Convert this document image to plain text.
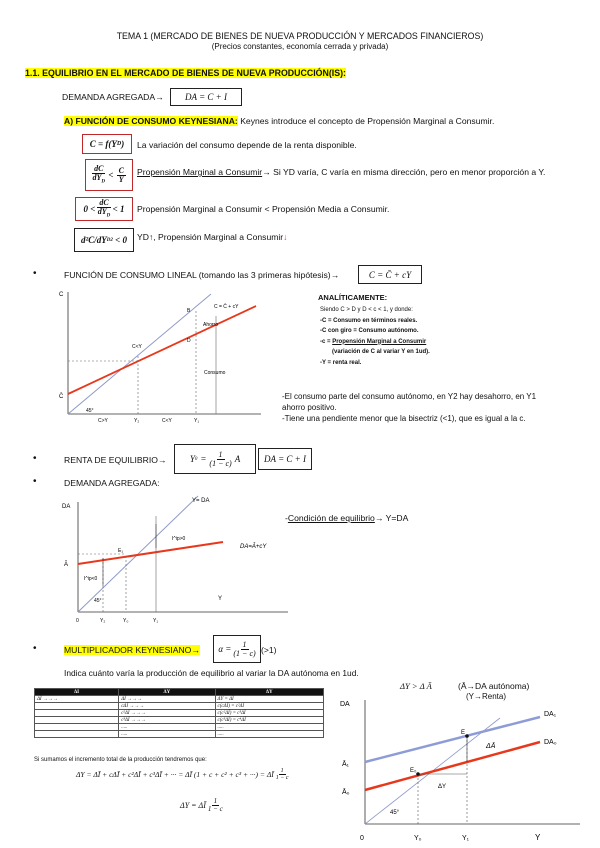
TEMA 1 (MERCADO DE BIENES DE NUEVA PRODUCCIÓN Y MERCADOS FINANCIEROS)
(Precios constantes, economía cerrada y privada)
1.1. EQUILIBRIO EN EL MERCADO DE BIENES DE NUEVA PRODUCCIÓN(IS):
DEMANDA AGREGADA→	DA = C + I
A) FUNCIÓN DE CONSUMO KEYNESIANA: Keynes introduce el concepto de Propensión Marginal a Consumir.
C = f(Y D ) La variación del consumo depende de la renta disponible.
$\frac{dC}{dY_D} < \frac{C}{Y}$ Propensión Marginal a Consumir→ Si YD varía, C varía en misma dirección, pero en menor proporción a Y.
$0 < \frac{dC}{dY_D} < 1$ Propensión Marginal a Consumir < Propensión Media a Consumir.
d²C / dY D 2
< 0 YD↑, Propensión Marginal a Consumir↓
•	FUNCIÓN DE CONSUMO LINEAL (tomando las 3 primeras hipótesis)→	C = C̄ + cY
C
C = C̄ + cY
Ahorro
Consumo
C<Y
B
D
C̄
45°
C>Y	Y₂	C<Y	Y₁
ANALÍTICAMENTE:
Siendo C > D y D < c < 1, y donde:
-C = Consumo en términos reales.
-C con giro = Consumo autónomo.
-c = Propensión Marginal a Consumir
(variación de C al variar Y en 1ud).
-Y = renta real.
-El consumo parte del consumo autónomo, en Y2 hay desahorro, en Y1
ahorro positivo.
-Tiene una pendiente menor que la bisectriz (<1), que es igual a la c.
•	RENTA DE EQUILIBRIO→	Y $0 = \frac{1}{(1 - c)}$ A	DA = C + I
•	DEMANDA AGREGADA:
-Condición de equilibrio→ Y=DA
DA
Y
Y= DA
DA=Ā+cY
Ā
E₁
I^ip>0
I^ip<0
45°
0	Y₂	Y₀	Y₁
•	MULTIPLICADOR KEYNESIANO→ $\alpha = \frac{1}{(1 - c)} (>1)$
Indica cuánto varía la producción de equilibrio al variar la DA autónoma en 1ud.
ΔI	ΔY	ΔY
ΔĪ →→→	ΔĪ →→→	ΔY = ΔĪ
	cΔĪ →→→	c(cΔĪ) = c²ΔĪ
	c²ΔĪ →→→	c(c²ΔĪ) = c³ΔĪ
	c³ΔĪ →→→	c(c³ΔĪ) = c⁴ΔĪ
	.....	.....
	.....	.....
Si sumamos el incremento total de la producción tendremos que:
ΔY = ΔĪ + cΔĪ + c²ΔĪ + c³ΔĪ + ··· = ΔĪ (1 + c + c² + c³ + ···) = ΔĪ $\frac{1}{1 - c}$
ΔY = ΔĪ $\frac{1}{1 - c}$
ΔY > Δ Ā	(Ā→DA autónoma)
(Y→Renta)
DA
Y
DA₁
DA₀
Ā₁
Ā₀
E
E₀
ΔĀ
ΔY
45°
0	Y₀	Y₁
